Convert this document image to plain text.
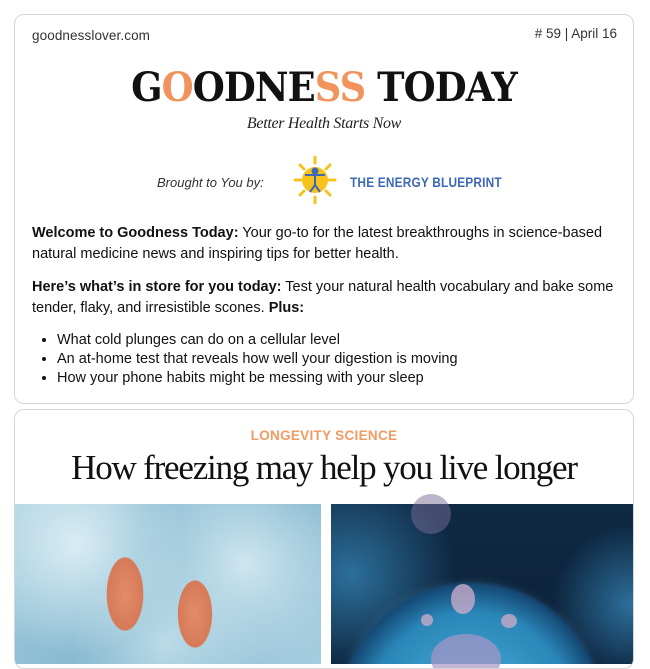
goodnesslover.com	# 59 | April 16
GOODNESS TODAY
Better Health Starts Now
Brought to You by:	THE ENERGY BLUEPRINT
Welcome to Goodness Today: Your go-to for the latest breakthroughs in science-based natural medicine news and inspiring tips for better health.
Here’s what’s in store for you today: Test your natural health vocabulary and bake some tender, flaky, and irresistible scones. Plus:
• What cold plunges can do on a cellular level
• An at-home test that reveals how well your digestion is moving
• How your phone habits might be messing with your sleep
LONGEVITY SCIENCE
How freezing may help you live longer
